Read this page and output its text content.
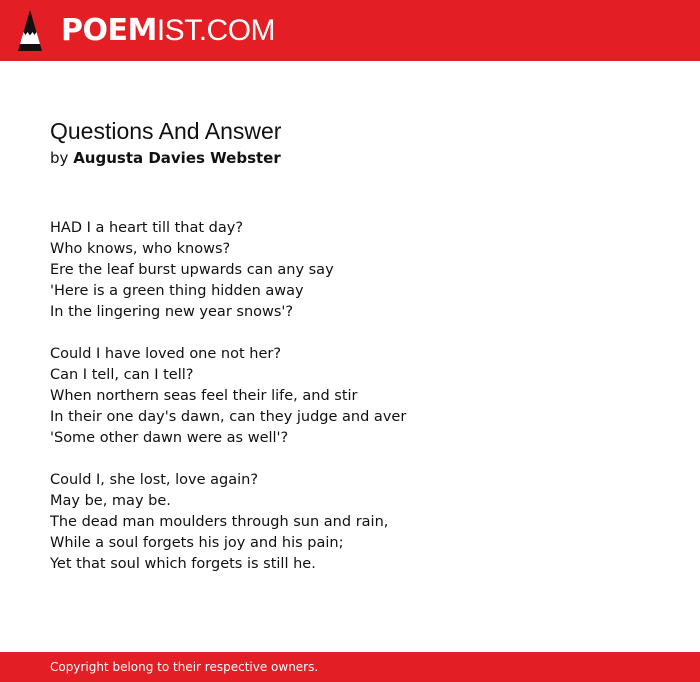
POEMIST.COM
Questions And Answer
by Augusta Davies Webster
HAD I a heart till that day?
Who knows, who knows?
Ere the leaf burst upwards can any say
'Here is a green thing hidden away
In the lingering new year snows'?
Could I have loved one not her?
Can I tell, can I tell?
When northern seas feel their life, and stir
In their one day's dawn, can they judge and aver
'Some other dawn were as well'?
Could I, she lost, love again?
May be, may be.
The dead man moulders through sun and rain,
While a soul forgets his joy and his pain;
Yet that soul which forgets is still he.
Copyright belong to their respective owners.
